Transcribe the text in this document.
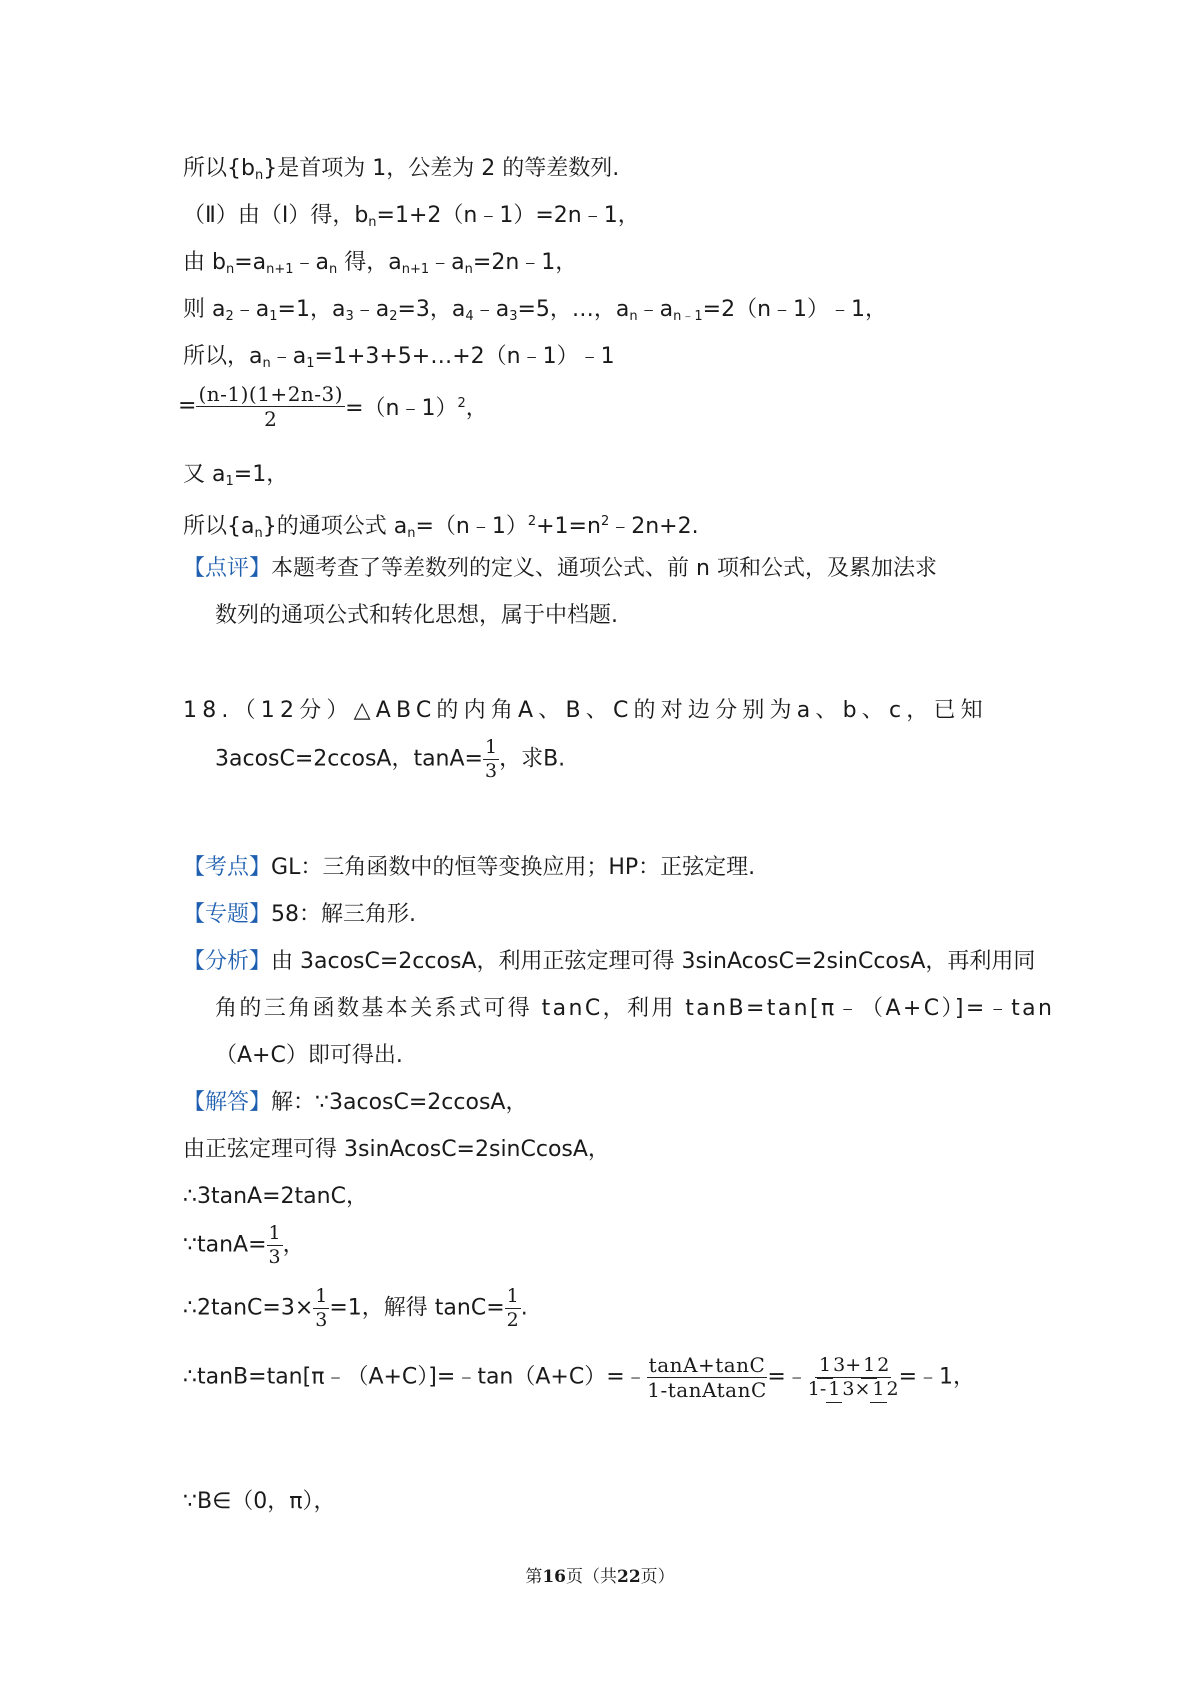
所以$\{b_n\}$是首项为 1，公差为 2 的等差数列.
（Ⅱ）由（Ⅰ）得，$b_n=1+2(n﹣1)=2n﹣1$，
由 $b_n=a_{n+1}﹣a_n$ 得，$a_{n+1}﹣a_n=2n﹣1$，
则 $a_2﹣a_1=1$，$a_3﹣a_2=3$，$a_4﹣a_3=5$，…，$a_n﹣a_{n﹣1}=2(n﹣1)﹣1$，
所以，$a_n﹣a_1=1+3+5+\dots+2(n﹣1)﹣1$
= $\frac{(n-1)(1+2n-3)}{2}$ =（n﹣1）$^2$，
又 $a_1=1$，
所以$\{a_n\}$的通项公式 $a_n=(n﹣1)^2+1=n^2﹣2n+2$.
【点评】本题考查了等差数列的定义、通项公式、前 n 项和公式，及累加法求
数列的通项公式和转化思想，属于中档题.
18.（12分）△ABC的内角A、B、C的对边分别为a、b、c，已知
3acosC=2ccosA，$\tan A= \frac{1}{3}$ ，求B.
【考点】GL：三角函数中的恒等变换应用；HP：正弦定理.
【专题】58：解三角形.
【分析】由 3acosC=2ccosA，利用正弦定理可得 3sinAcosC=2sinCcosA，再利用同
角的三角函数基本关系式可得 tanC，利用 tanB=tan[π﹣（A+C）]=﹣tan
（A+C）即可得出.
【解答】解：∵3acosC=2ccosA，
由正弦定理可得 3sinAcosC=2sinCcosA，
∴3tanA=2tanC，
∵tanA= $\frac{1}{3}$ ，
∴2tanC=3× $\frac{1}{3} =1$，解得 $\tan C= \frac{1}{2}$ .
∴tanB=tan[π﹣（A+C）]=﹣tan（A+C）=﹣ $\frac{\tan A+\tan C}{\text{1-tanAtanC}}$ =﹣ $\frac{1 3 + 1 2}{1- 1 3 \times 1 2}$ =﹣1，
∵B∈（0，π），
第16页（共22页）
